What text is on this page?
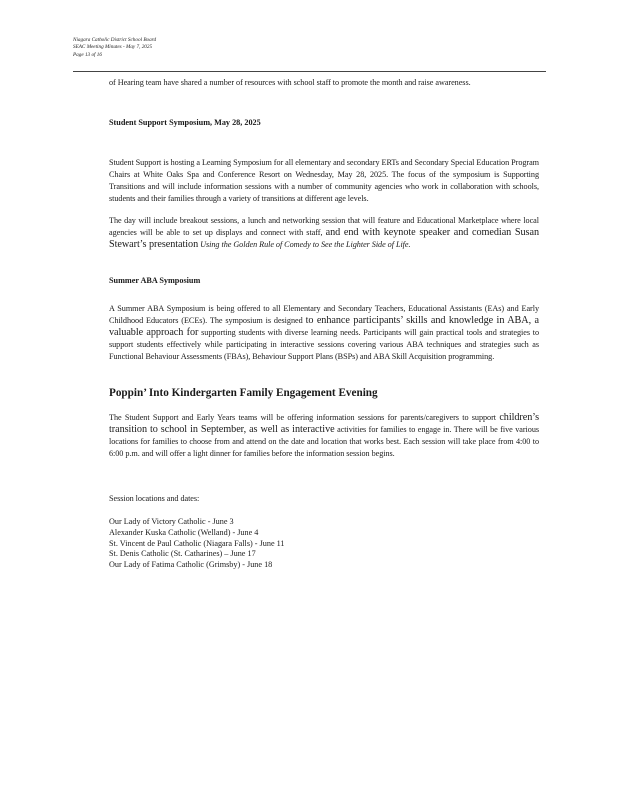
Niagara Catholic District School Board
SEAC Meeting Minutes - May 7, 2025
Page 13 of 16

of Hearing team have shared a number of resources with school staff to promote the month and raise awareness.

Student Support Symposium, May 28, 2025

Student Support is hosting a Learning Symposium for all elementary and secondary ERTs and Secondary Special Education Program Chairs at White Oaks Spa and Conference Resort on Wednesday, May 28, 2025. The focus of the symposium is Supporting Transitions and will include information sessions with a number of community agencies who work in collaboration with schools, students and their families through a variety of transitions at different age levels.

The day will include breakout sessions, a lunch and networking session that will feature and Educational Marketplace where local agencies will be able to set up displays and connect with staff, and end with keynote speaker and comedian Susan Stewart’s presentation Using the Golden Rule of Comedy to See the Lighter Side of Life.

Summer ABA Symposium

A Summer ABA Symposium is being offered to all Elementary and Secondary Teachers, Educational Assistants (EAs) and Early Childhood Educators (ECEs). The symposium is designed to enhance participants’ skills and knowledge in ABA, a valuable approach for supporting students with diverse learning needs. Participants will gain practical tools and strategies to support students effectively while participating in interactive sessions covering various ABA techniques and strategies such as Functional Behaviour Assessments (FBAs), Behaviour Support Plans (BSPs) and ABA Skill Acquisition programming.

Poppin’ Into Kindergarten Family Engagement Evening

The Student Support and Early Years teams will be offering information sessions for parents/caregivers to support children’s transition to school in September, as well as interactive activities for families to engage in. There will be five various locations for families to choose from and attend on the date and location that works best. Each session will take place from 4:00 to 6:00 p.m. and will offer a light dinner for families before the information session begins.

Session locations and dates:

Our Lady of Victory Catholic - June 3
Alexander Kuska Catholic (Welland) - June 4
St. Vincent de Paul Catholic (Niagara Falls) - June 11
St. Denis Catholic (St. Catharines) – June 17
Our Lady of Fatima Catholic (Grimsby) - June 18
